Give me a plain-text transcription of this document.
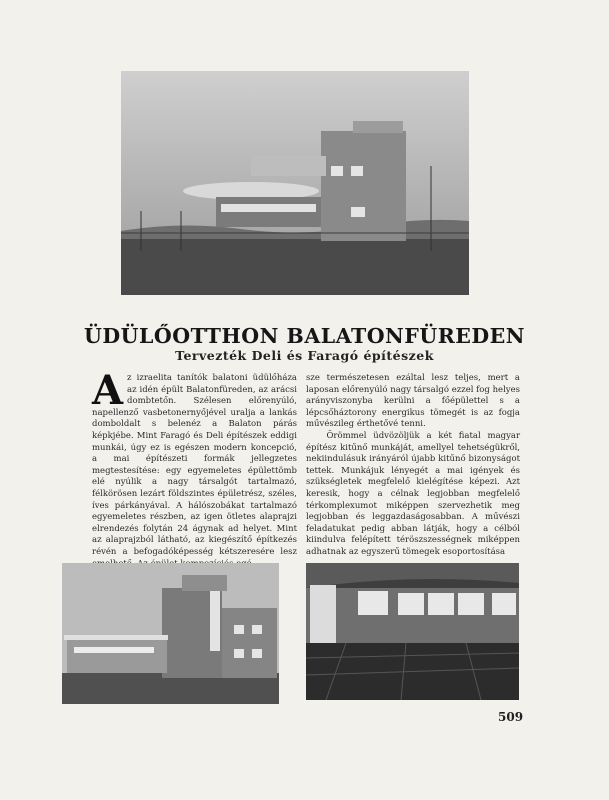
ÜDÜLŐOTTHON BALATONFÜREDEN
Tervezték Deli és Faragó építészek
A z izraelita tanítók balatoni üdülőháza az idén épült Balatonfüreden, az arácsi dombtetőn. Szélesen előrenyúló, napellenző vasbetonernyőjével uralja a lankás domboldalt s belenéz a Balaton párás képkjébe. Mint Faragó és Deli építészek eddigi munkái, úgy ez is egészen modern koncepció, a mai építészeti formák jellegzetes megtestesítése: egy egyemeletes épülettömb elé nyúlik a nagy társalgót tartalmazó, félkörösen lezárt földszintes épületrész, széles, íves párkányával. A hálószobákat tartalmazó egyemeletes részben, az igen ötletes alaprajzi elrendezés folytán 24 ágynak ad helyet. Mint az alaprajzból látható, az kiegészítő építkezés révén a befogadóképesség kétszeresére lesz
sze természetesen ezáltal lesz teljes, mert a laposan előrenyúló nagy társalgó ezzel fog helyes arányviszonyba kerülni a főépülettel s a lépcsőháztorony energikus tömegét is az fogja művészileg érthetővé tenni.
Örömmel üdvözöljük a két fiatal magyar építész kitűnő munkáját, amellyel tehetségükről, nekiindulásuk irányáról újabb kitűnő bizonyságot tettek. Munkájuk lényegét a mai igények és szükségletek megfelelő kielégítése képezi. Azt keresik, hogy a célnak legjobban megfelelő térkomplexumot miképpen szervezhetik meg legjobban és leggazdaságosabban. A művészi feladatukat pedig abban látják, hogy a célból kiindulva felépített téröszszességnek miképpen adhatnak az egyszerű tömegek esoportosítása

509
